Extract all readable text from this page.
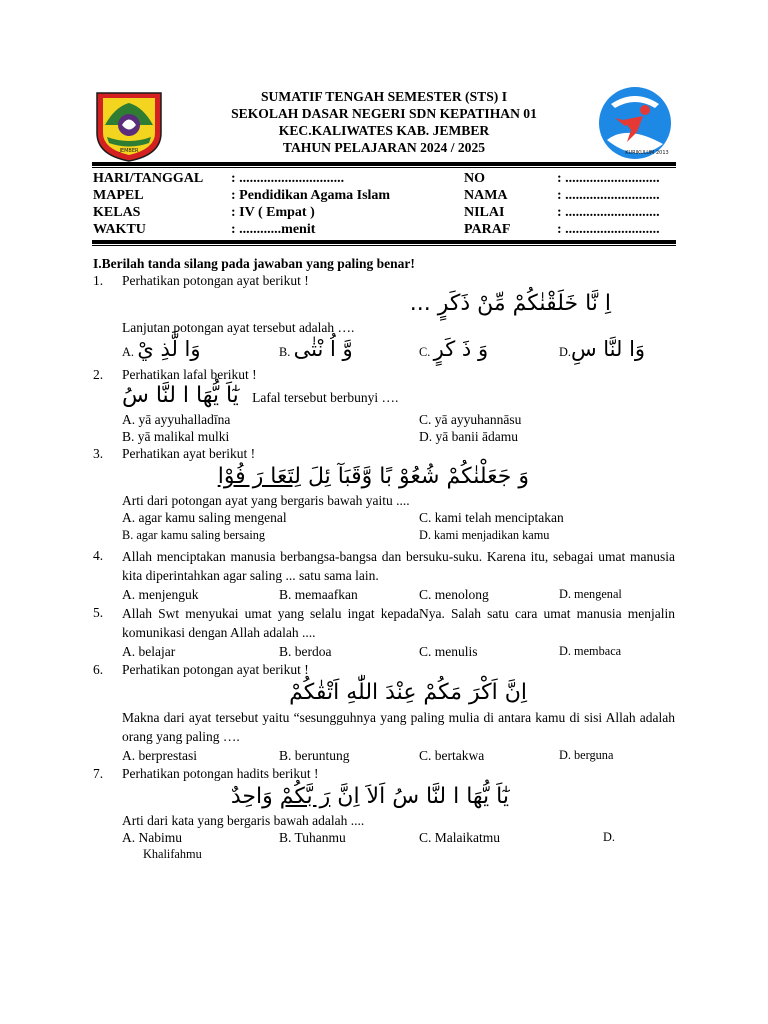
JEMBER	KURIKULUM 2013
SUMATIF TENGAH SEMESTER (STS) I
SEKOLAH DASAR NEGERI SDN KEPATIHAN 01
KEC.KALIWATES KAB. JEMBER
TAHUN PELAJARAN 2024 / 2025
HARI/TANGGAL : ..............................	NO	: ...........................
MAPEL	: Pendidikan Agama Islam	NAMA	: ...........................
KELAS	: IV ( Empat )	NILAI	: ...........................
WAKTU	: ............menit	PARAF	: ...........................
I.Berilah tanda silang pada jawaban yang paling benar!
1.	Perhatikan potongan ayat berikut !
اِ نَّا خَلَقْنٰكُمْ مِّنْ ذَكَرٍ ...
Lanjutan potongan ayat tersebut adalah ….
A. وَا لَّذِ يْ	B. وَّ اُ نْثٰى	C. وَ ذَ كَرٍ	D.وَا لنَّا سِ
2.	Perhatikan lafal berikut !
يٰٓاَ يُّهَا ا لنَّا سُ Lafal tersebut berbunyi ….
A. yā ayyuhalladīna	C. yā ayyuhannāsu
B. yā malikal mulki	D. yā banii ādamu
3.	Perhatikan ayat berikut !
وَ جَعَلْنٰكُمْ شُعُوْ بًا وَّقَبَآ ئِلَ لِتَعَا رَ فُوْا
Arti dari potongan ayat yang bergaris bawah yaitu ....
A. agar kamu saling mengenal	C. kami telah menciptakan
B. agar kamu saling bersaing	D. kami menjadikan kamu
4.	Allah menciptakan manusia berbangsa-bangsa dan bersuku-suku. Karena itu, sebagai umat manusia kita diperintahkan agar saling ... satu sama lain.
A. menjenguk	B. memaafkan	C. menolong	D. mengenal
5.	Allah Swt menyukai umat yang selalu ingat kepadaNya. Salah satu cara umat manusia menjalin komunikasi dengan Allah adalah ....
A. belajar	B. berdoa	C. menulis	D. membaca
6.	Perhatikan potongan ayat berikut !
اِنَّ اَكْرَ مَكُمْ عِنْدَ اللّٰهِ اَتْقٰكُمْ
Makna dari ayat tersebut yaitu “sesungguhnya yang paling mulia di antara kamu di sisi Allah adalah orang yang paling ….
A. berprestasi	B. beruntung	C. bertakwa	D. berguna
7.	Perhatikan potongan hadits berikut !
يٰٓاَ يُّهَا ا لنَّا سُ اَلاَ اِنَّ رَ بَّكُمْ وَاحِدٌ
Arti dari kata yang bergaris bawah adalah ....
A. Nabimu	B. Tuhanmu	C. Malaikatmu	D.
Khalifahmu
